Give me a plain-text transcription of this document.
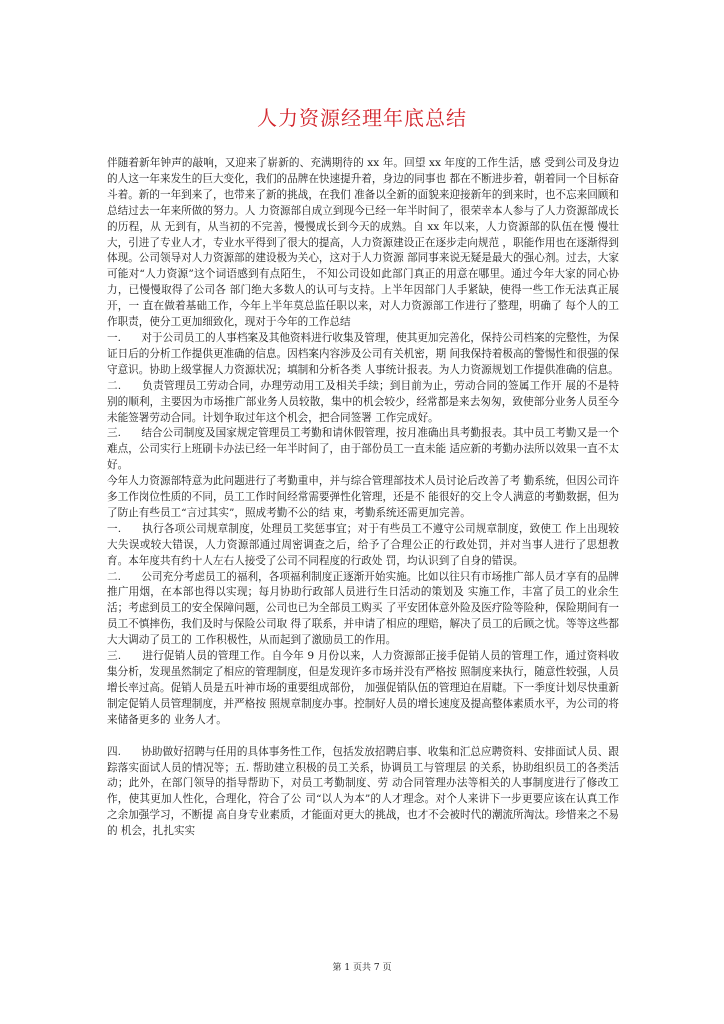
人力资源经理年底总结

伴随着新年钟声的敲响，又迎来了崭新的、充满期待的 xx 年。回望 xx 年度的工作生活，感 受到公司及身边的人这一年来发生的巨大变化，我们的品牌在快速提升着，身边的同事也 都在不断进步着，朝着同一个目标奋斗着。新的一年到来了，也带来了新的挑战，在我们 准备以全新的面貌来迎接新年的到来时，也不忘来回顾和总结过去一年来所做的努力。人 力资源部自成立到现今已经一年半时间了，很荣幸本人参与了人力资源部成长的历程，从 无到有，从当初的不完善，慢慢成长到今天的成熟。自 xx 年以来，人力资源部的队伍在慢 慢壮大，引进了专业人才，专业水平得到了很大的提高，人力资源建设正在逐步走向规范 ，职能作用也在逐渐得到体现。公司领导对人力资源部的建设极为关心，这对于人力资源 部同事来说无疑是最大的强心剂。过去，大家可能对“人力资源”这个词语感到有点陌生， 不知公司设如此部门真正的用意在哪里。通过今年大家的同心协力，已慢慢取得了公司各 部门绝大多数人的认可与支持。上半年因部门人手紧缺，使得一些工作无法真正展开，一 直在做着基础工作，今年上半年莫总监任职以来，对人力资源部工作进行了整理，明确了 每个人的工作职责，使分工更加细致化，现对于今年的工作总结

一.      对于公司员工的人事档案及其他资料进行收集及管理，使其更加完善化，保持公司档案的完整性，为保证日后的分析工作提供更准确的信息。因档案内容涉及公司有关机密，期 间我保持着极高的警惕性和很强的保守意识。协助上级掌握人力资源状况；填制和分析各类 人事统计报表。为人力资源规划工作提供准确的信息。

二.      负责管理员工劳动合同，办理劳动用工及相关手续；到目前为止，劳动合同的签属工作开 展的不是特别的顺利，主要因为市场推广部业务人员较散，集中的机会较少，经常都是来去匆匆，致使部分业务人员至今未能签署劳动合同。计划争取过年这个机会，把合同签署 工作完成好。

三.      结合公司制度及国家规定管理员工考勤和请休假管理，按月准确出具考勤报表。其中员工考勤又是一个难点，公司实行上班刷卡办法已经一年半时间了，由于部份员工一直未能 适应新的考勤办法所以效果一直不太好。

今年人力资源部特意为此问题进行了考勤重申，并与综合管理部技术人员讨论后改善了考 勤系统，但因公司许多工作岗位性质的不同，员工工作时间经常需要弹性化管理，还是不 能很好的交上令人满意的考勤数据，但为了防止有些员工“言过其实”，照成考勤不公的结 束，考勤系统还需更加完善。

一.      执行各项公司规章制度，处理员工奖惩事宜；对于有些员工不遵守公司规章制度，致使工 作上出现较大失误或较大错误，人力资源部通过周密调查之后，给予了合理公正的行政处罚，并对当事人进行了思想教育。本年度共有约十人左右人接受了公司不同程度的行政处 罚，均认识到了自身的错误。

二.      公司充分考虑员工的福利，各项福利制度正逐渐开始实施。比如以往只有市场推广部人员才享有的品牌推广用烟，在本部也得以实现；每月协助行政部人员进行生日活动的策划及 实施工作，丰富了员工的业余生活；考虑到员工的安全保障问题，公司也已为全部员工购买 了平安团体意外险及医疗险等险种，保险期间有一员工不慎摔伤，我们及时与保险公司取 得了联系，并申请了相应的理赔，解决了员工的后顾之忧。等等这些都大大调动了员工的 工作积极性，从而起到了激励员工的作用。

三.      进行促销人员的管理工作。自今年 9 月份以来，人力资源部正接手促销人员的管理工作，通过资料收集分析，发现虽然制定了相应的管理制度，但是发现许多市场并没有严格按 照制度来执行，随意性较强，人员增长率过高。促销人员是五叶神市场的重要组成部份， 加强促销队伍的管理迫在眉睫。下一季度计划尽快重新制定促销人员管理制度，并严格按 照规章制度办事。控制好人员的增长速度及提高整体素质水平，为公司的将来储备更多的 业务人才。

四.      协助做好招聘与任用的具体事务性工作，包括发放招聘启事、收集和汇总应聘资料、安排面试人员、跟踪落实面试人员的情况等；五. 帮助建立积极的员工关系，协调员工与管理层 的关系，协助组织员工的各类活动；此外，在部门领导的指导帮助下，对员工考勤制度、劳 动合同管理办法等相关的人事制度进行了修改工作，使其更加人性化，合理化，符合了公 司“以人为本”的人才理念。对个人来讲下一步更要应该在认真工作之余加强学习，不断提 高自身专业素质，才能面对更大的挑战，也才不会被时代的潮流所淘汰。珍惜来之不易的 机会，扎扎实实

第 1 页共 7 页
